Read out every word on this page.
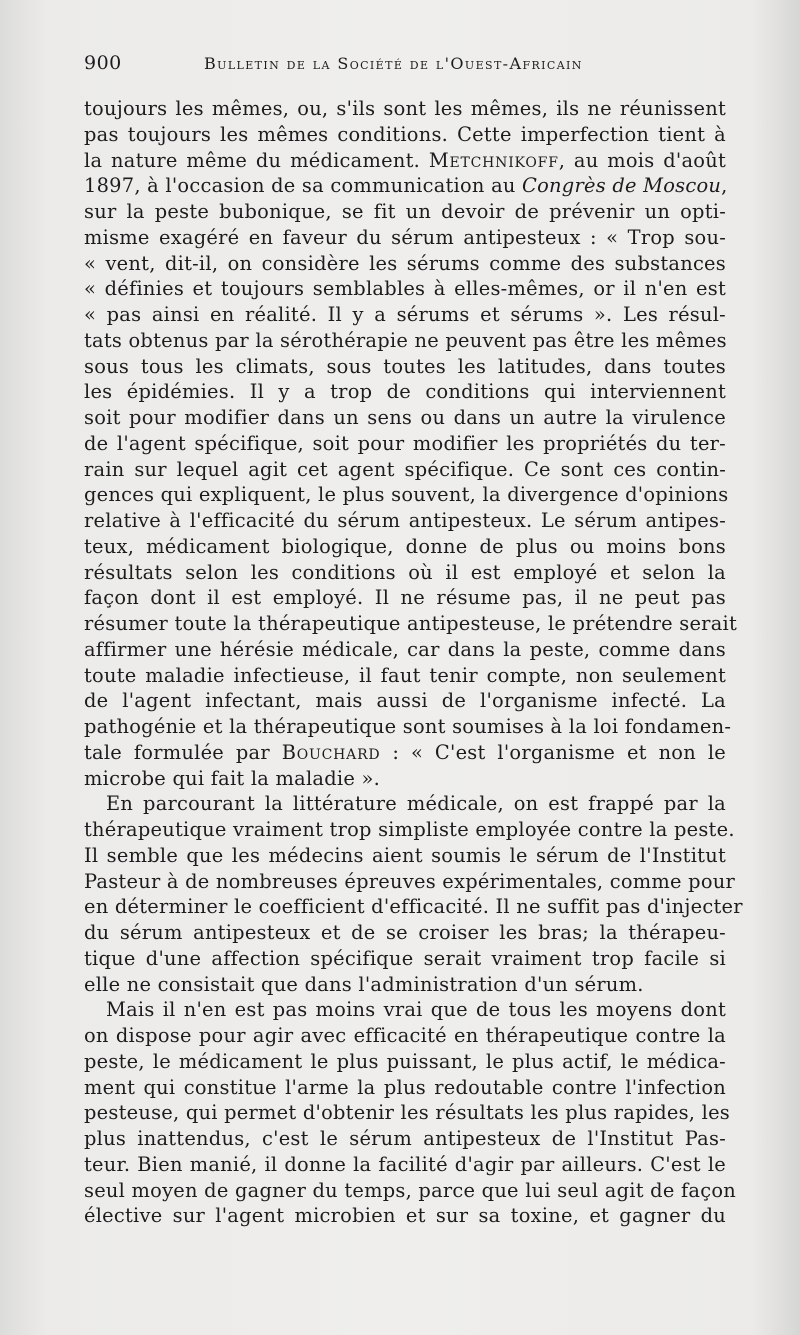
900	Bulletin de la Société de l'Ouest-Africain
toujours les mêmes, ou, s'ils sont les mêmes, ils ne réunissent
pas toujours les mêmes conditions. Cette imperfection tient à
la nature même du médicament. Metchnikoff, au mois d'août
1897, à l'occasion de sa communication au Congrès de Moscou,
sur la peste bubonique, se fit un devoir de prévenir un opti-
misme exagéré en faveur du sérum antipesteux : « Trop sou-
« vent, dit-il, on considère les sérums comme des substances
« définies et toujours semblables à elles-mêmes, or il n'en est
« pas ainsi en réalité. Il y a sérums et sérums ». Les résul-
tats obtenus par la sérothérapie ne peuvent pas être les mêmes
sous tous les climats, sous toutes les latitudes, dans toutes
les épidémies. Il y a trop de conditions qui interviennent
soit pour modifier dans un sens ou dans un autre la virulence
de l'agent spécifique, soit pour modifier les propriétés du ter-
rain sur lequel agit cet agent spécifique. Ce sont ces contin-
gences qui expliquent, le plus souvent, la divergence d'opinions
relative à l'efficacité du sérum antipesteux. Le sérum antipes-
teux, médicament biologique, donne de plus ou moins bons
résultats selon les conditions où il est employé et selon la
façon dont il est employé. Il ne résume pas, il ne peut pas
résumer toute la thérapeutique antipesteuse, le prétendre serait
affirmer une hérésie médicale, car dans la peste, comme dans
toute maladie infectieuse, il faut tenir compte, non seulement
de l'agent infectant, mais aussi de l'organisme infecté. La
pathogénie et la thérapeutique sont soumises à la loi fondamen-
tale formulée par Bouchard : « C'est l'organisme et non le
microbe qui fait la maladie ».
En parcourant la littérature médicale, on est frappé par la
thérapeutique vraiment trop simpliste employée contre la peste.
Il semble que les médecins aient soumis le sérum de l'Institut
Pasteur à de nombreuses épreuves expérimentales, comme pour
en déterminer le coefficient d'efficacité. Il ne suffit pas d'injecter
du sérum antipesteux et de se croiser les bras; la thérapeu-
tique d'une affection spécifique serait vraiment trop facile si
elle ne consistait que dans l'administration d'un sérum.
Mais il n'en est pas moins vrai que de tous les moyens dont
on dispose pour agir avec efficacité en thérapeutique contre la
peste, le médicament le plus puissant, le plus actif, le médica-
ment qui constitue l'arme la plus redoutable contre l'infection
pesteuse, qui permet d'obtenir les résultats les plus rapides, les
plus inattendus, c'est le sérum antipesteux de l'Institut Pas-
teur. Bien manié, il donne la facilité d'agir par ailleurs. C'est le
seul moyen de gagner du temps, parce que lui seul agit de façon
élective sur l'agent microbien et sur sa toxine, et gagner du
